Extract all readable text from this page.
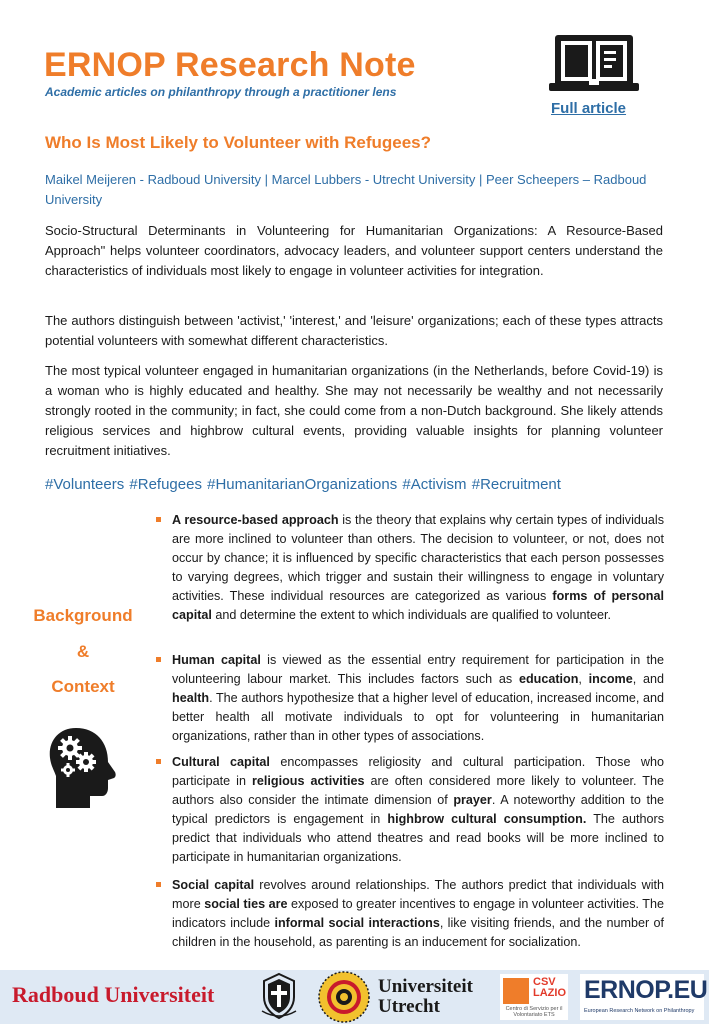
ERNOP Research Note
Academic articles on philanthropy through a practitioner lens
Full article
Who Is Most Likely to Volunteer with Refugees?
Maikel Meijeren - Radboud University | Marcel Lubbers - Utrecht University | Peer Scheepers – Radboud University

Socio-Structural Determinants in Volunteering for Humanitarian Organizations: A Resource-Based Approach" helps volunteer coordinators, advocacy leaders, and volunteer support centers understand the characteristics of individuals most likely to engage in volunteer activities for integration.

The authors distinguish between 'activist,' 'interest,' and 'leisure' organizations; each of these types attracts potential volunteers with somewhat different characteristics.

The most typical volunteer engaged in humanitarian organizations (in the Netherlands, before Covid-19) is a woman who is highly educated and healthy. She may not necessarily be wealthy and not necessarily strongly rooted in the community; in fact, she could come from a non-Dutch background. She likely attends religious services and highbrow cultural events, providing valuable insights for planning volunteer recruitment initiatives.

#Volunteers #Refugees #HumanitarianOrganizations #Activism #Recruitment
Background
&
Context

A resource-based approach is the theory that explains why certain types of individuals are more inclined to volunteer than others. The decision to volunteer, or not, does not occur by chance; it is influenced by specific characteristics that each person possesses to varying degrees, which trigger and sustain their willingness to engage in voluntary activities. These individual resources are categorized as various forms of personal capital and determine the extent to which individuals are qualified to volunteer.

Human capital is viewed as the essential entry requirement for participation in the volunteering labour market. This includes factors such as education, income, and health. The authors hypothesize that a higher level of education, increased income, and better health all motivate individuals to opt for volunteering in humanitarian organizations, rather than in other types of associations.

Cultural capital encompasses religiosity and cultural participation. Those who participate in religious activities are often considered more likely to volunteer. The authors also consider the intimate dimension of prayer. A noteworthy addition to the typical predictors is engagement in highbrow cultural consumption. The authors predict that individuals who attend theatres and read books will be more inclined to participate in humanitarian organizations.

Social capital revolves around relationships. The authors predict that individuals with more social ties are exposed to greater incentives to engage in volunteer activities. The indicators include informal social interactions, like visiting friends, and the number of children in the household, as parenting is an inducement for socialization.

Radboud Universiteit	Universiteit
Utrecht
CSV
LAZIO
Centro di Servizio per il Volontariato ETS
ERNOP.EU
European Research Network on Philanthropy
